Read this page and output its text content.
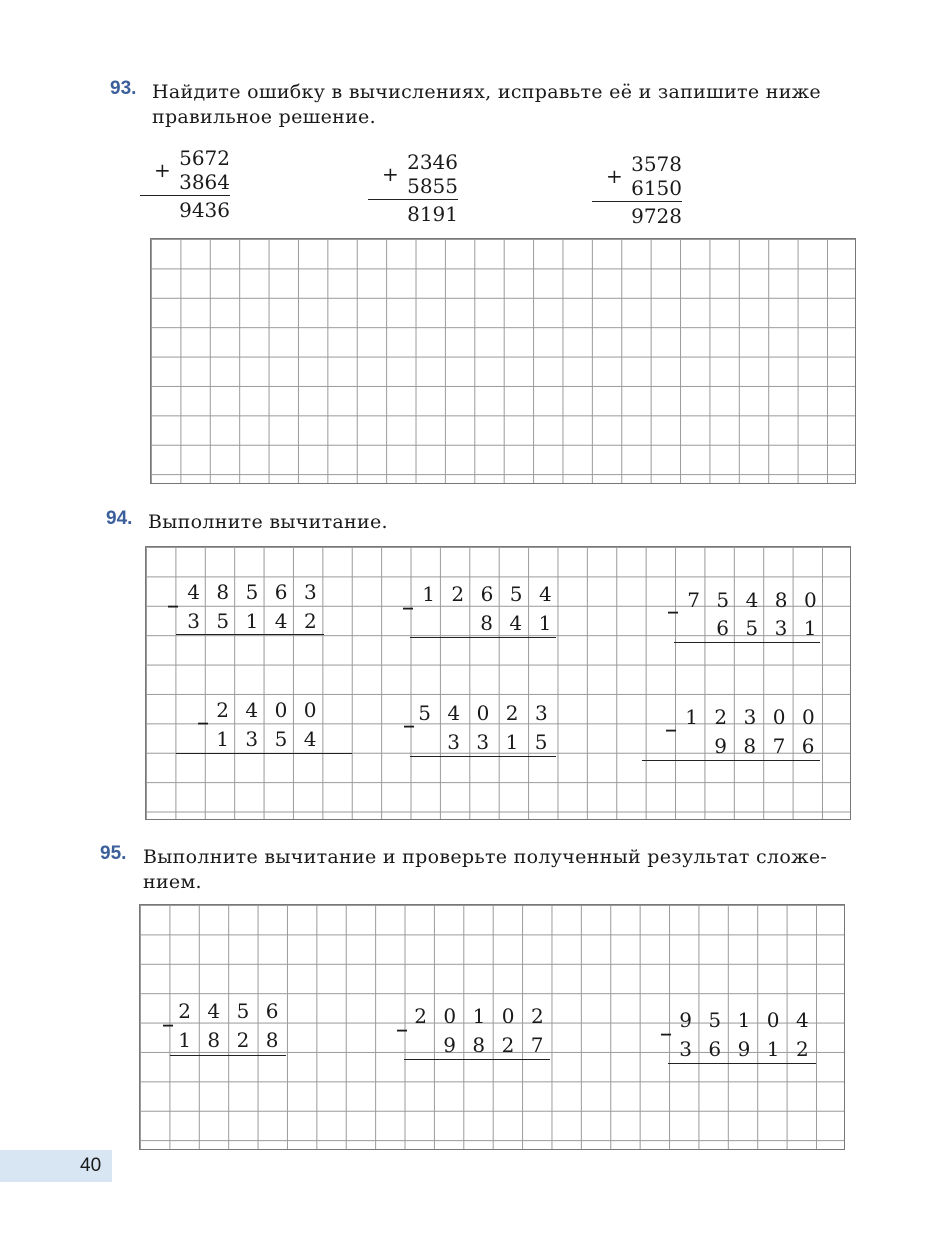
93. Найдите ошибку в вычислениях, исправьте её и запишите ниже
правильное решение.
+ 5672
3864
9436
+ 2346
5855
8191
+ 3578
6150
9728
94. Выполните вычитание.
_ 4 8 5 6 3
3 5 1 4 2
_ 1 2 6 5 4
8 4 1
_ 7 5 4 8 0
6 5 3 1
_ 2 4 0 0
1 3 5 4
_ 5 4 0 2 3
3 3 1 5
_ 1 2 3 0 0
9 8 7 6
95. Выполните вычитание и проверьте полученный результат сложе-
нием.
_ 2 4 5 6
1 8 2 8
_ 2 0 1 0 2
9 8 2 7
_ 9 5 1 0 4
3 6 9 1 2
40
